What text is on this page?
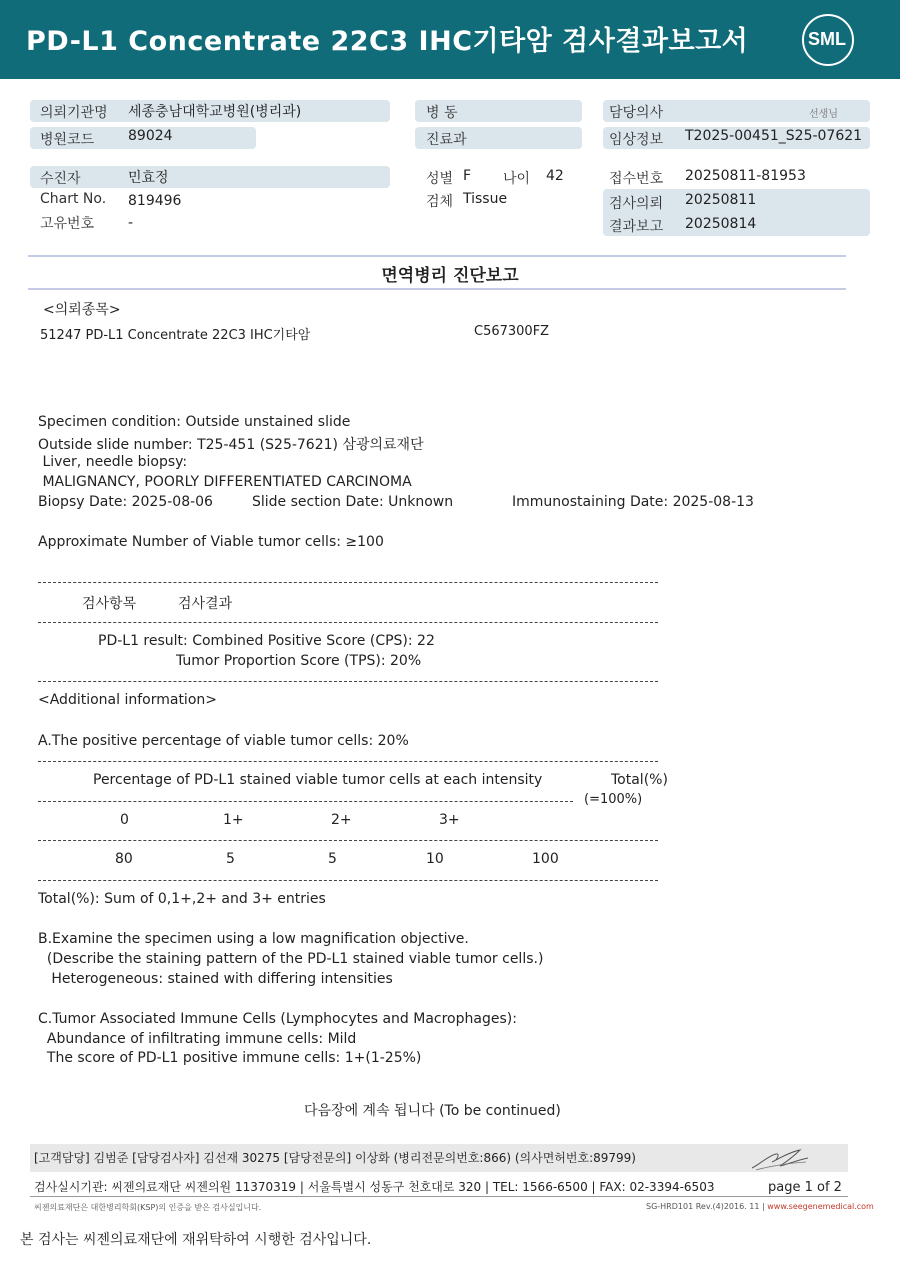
PD-L1 Concentrate 22C3 IHC기타암 검사결과보고서	SML
의뢰기관명 세종충남대학교병원(병리과)
병원코드 89024
병 동
진료과
담당의사	선생님
임상정보 T2025-00451_S25-07621
수진자	민효정
Chart No. 819496
고유번호 -
성별 F 나이 42
검체 Tissue
접수번호 20250811-81953
검사의뢰 20250811
결과보고 20250814
면역병리 진단보고
<의뢰종목>
51247 PD-L1 Concentrate 22C3 IHC기타암	C567300FZ
Specimen condition: Outside unstained slide
Outside slide number: T25-451 (S25-7621) 삼광의료재단
Liver, needle biopsy:
MALIGNANCY, POORLY DIFFERENTIATED CARCINOMA
Biopsy Date: 2025-08-06	Slide section Date: Unknown	Immunostaining Date: 2025-08-13
Approximate Number of Viable tumor cells: ≥100
검사항목	검사결과
PD-L1 result: Combined Positive Score (CPS): 22
Tumor Proportion Score (TPS): 20%
<Additional information>
A.The positive percentage of viable tumor cells: 20%
Percentage of PD-L1 stained viable tumor cells at each intensity	Total(%)
(=100%)
0	1+	2+	3+
80	5	5	10	100
Total(%): Sum of 0,1+,2+ and 3+ entries
B.Examine the specimen using a low magnification objective.
(Describe the staining pattern of the PD-L1 stained viable tumor cells.)
Heterogeneous: stained with differing intensities
C.Tumor Associated Immune Cells (Lymphocytes and Macrophages):
Abundance of infiltrating immune cells: Mild
The score of PD-L1 positive immune cells: 1+(1-25%)
다음장에 계속 됩니다 (To be continued)
[고객담당] 김범준 [담당검사자] 김선재 30275 [담당전문의] 이상화 (병리전문의번호:866) (의사면허번호:89799)
검사실시기관: 씨젠의료재단 씨젠의원 11370319 | 서울특별시 성동구 천호대로 320 | TEL: 1566-6500 | FAX: 02-3394-6503	page 1 of 2
씨젠의료재단은 대한병리학회(KSP)의 인증을 받은 검사실입니다.	SG-HRD101 Rev.(4)2016. 11 | www.seegenemedical.com
본 검사는 씨젠의료재단에 재위탁하여 시행한 검사입니다.
